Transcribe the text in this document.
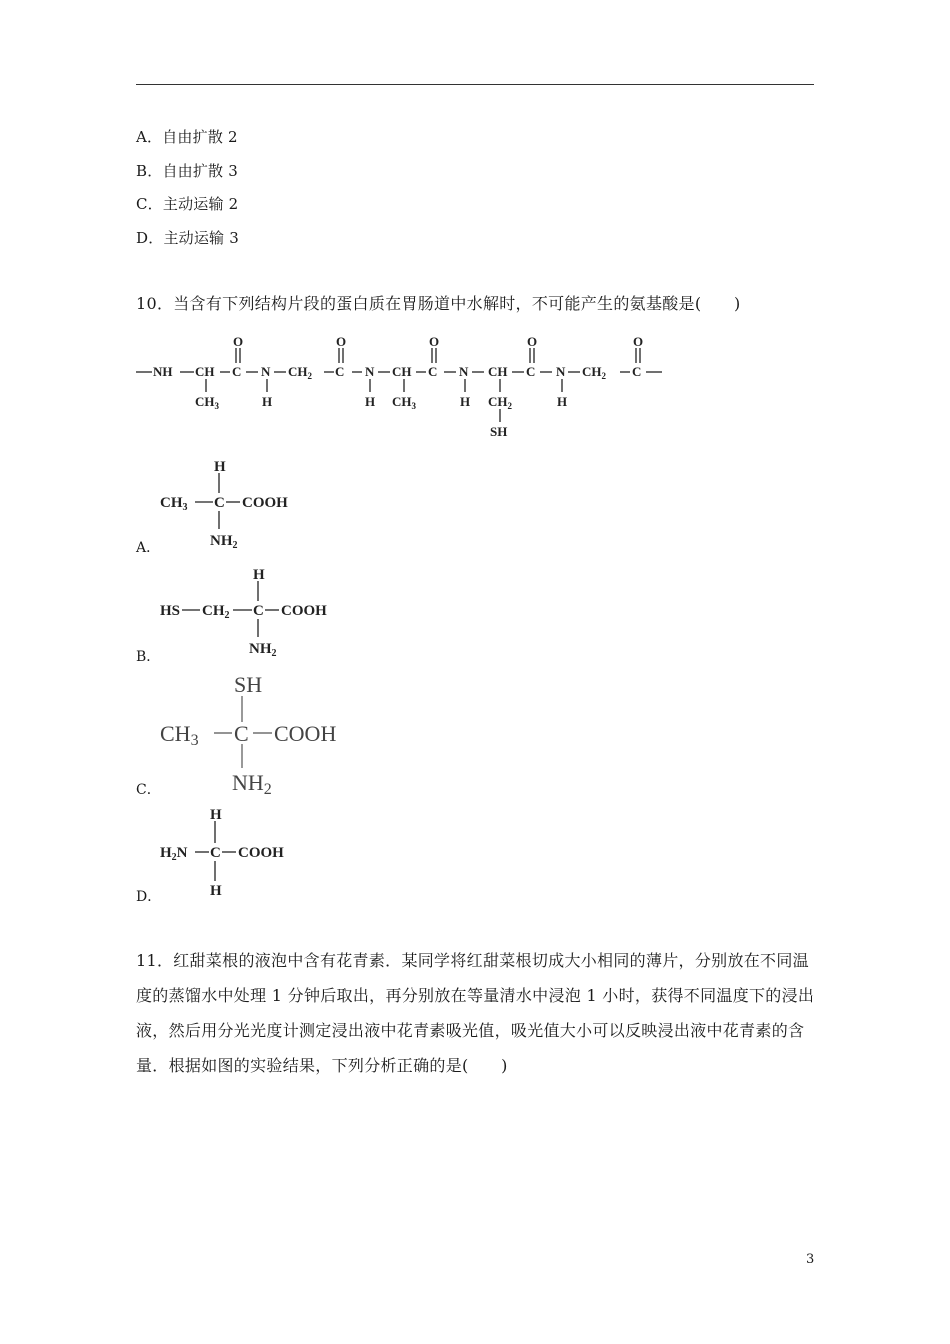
A．自由扩散 2
B．自由扩散 3
C．主动运输 2
D．主动运输 3
10．当含有下列结构片段的蛋白质在胃肠道中水解时，不可能产生的氨基酸是(　　)
O	O	O	O	O
NH CH C N $CH_2$ C N CH C N CH C N $CH_2$ C
$CH_3$	H	H $CH_3$	H $CH_2$	H
SH
H
$CH_3$ C COOH
$NH_2$
A．
H
HS $CH_2$ C COOH
$NH_2$
B．
SH
CH3 C COOH
NH2
C．
H
$H_2N$ C COOH
H
D．
11．红甜菜根的液泡中含有花青素．某同学将红甜菜根切成大小相同的薄片，分别放在不同温度的蒸馏水中处理 1 分钟后取出，再分别放在等量清水中浸泡 1 小时，获得不同温度下的浸出液，然后用分光光度计测定浸出液中花青素吸光值，吸光值大小可以反映浸出液中花青素的含量．根据如图的实验结果，下列分析正确的是(　　)
3
